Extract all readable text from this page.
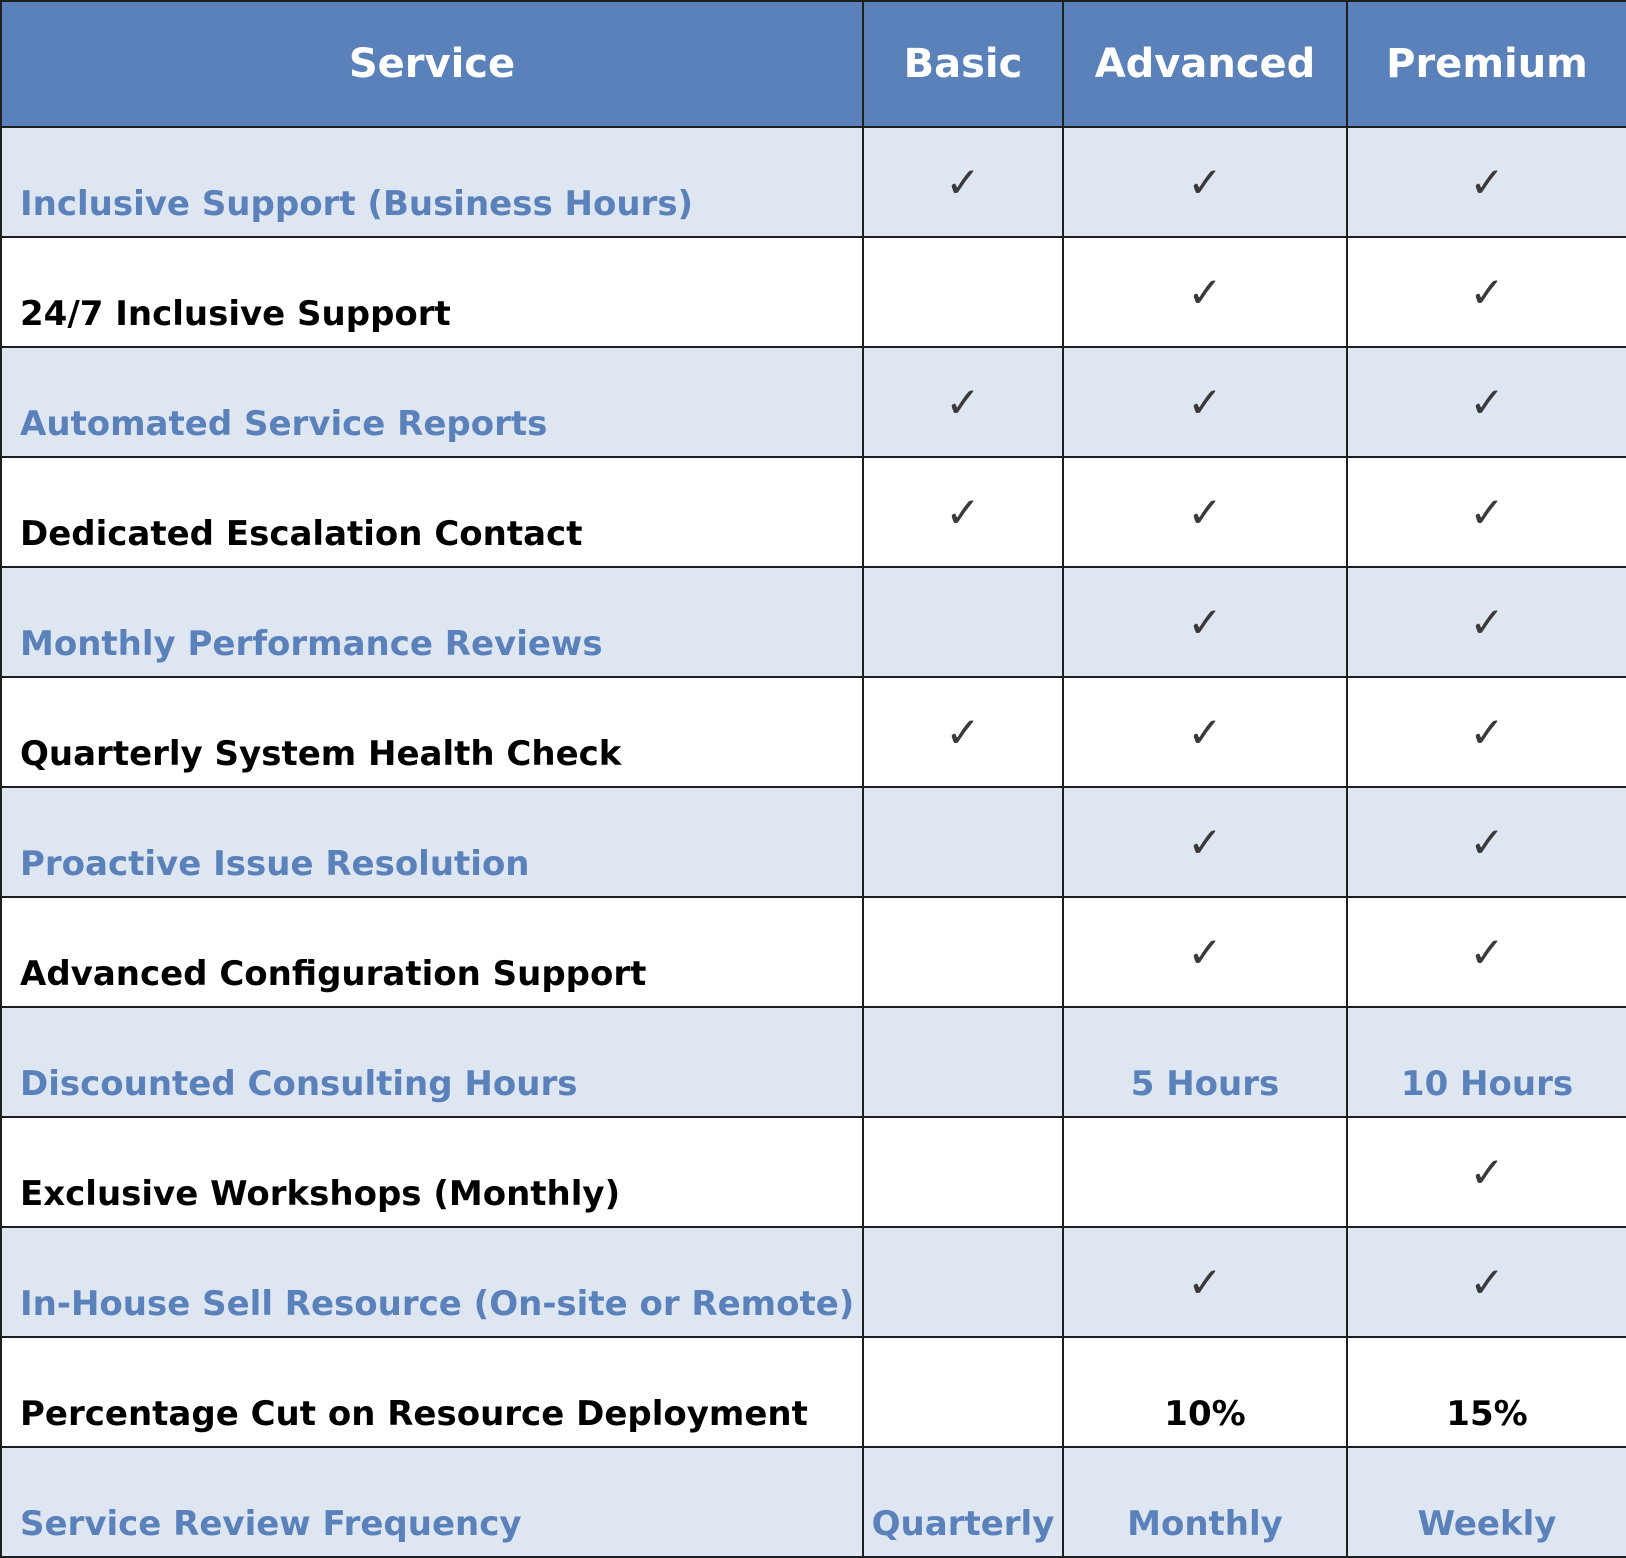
Service	Basic	Advanced	Premium
Inclusive Support (Business Hours)	✓	✓	✓
24/7 Inclusive Support		✓	✓
Automated Service Reports	✓	✓	✓
Dedicated Escalation Contact	✓	✓	✓
Monthly Performance Reviews		✓	✓
Quarterly System Health Check	✓	✓	✓
Proactive Issue Resolution		✓	✓
Advanced Configuration Support		✓	✓
Discounted Consulting Hours		5 Hours	10 Hours
Exclusive Workshops (Monthly)			✓
In-House Sell Resource (On-site or Remote)		✓	✓
Percentage Cut on Resource Deployment		10%	15%
Service Review Frequency	Quarterly	Monthly	Weekly
